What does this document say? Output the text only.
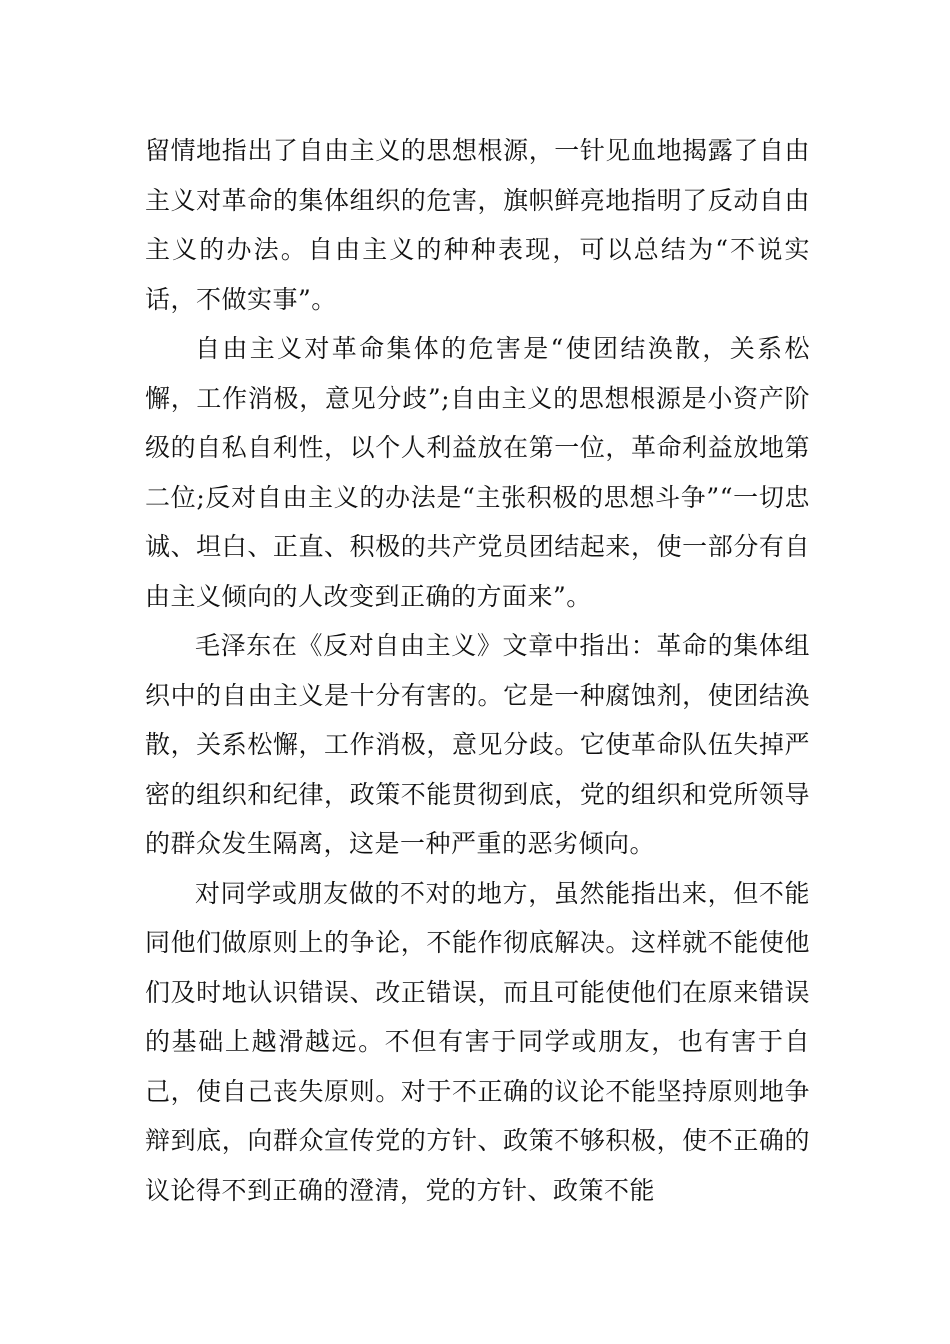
留情地指出了自由主义的思想根源，一针见血地揭露了自由主义对革命的集体组织的危害，旗帜鲜亮地指明了反动自由主义的办法。自由主义的种种表现，可以总结为“不说实话，不做实事”。

自由主义对革命集体的危害是“使团结涣散，关系松懈，工作消极，意见分歧”;自由主义的思想根源是小资产阶级的自私自利性，以个人利益放在第一位，革命利益放地第二位;反对自由主义的办法是“主张积极的思想斗争”“一切忠诚、坦白、正直、积极的共产党员团结起来，使一部分有自由主义倾向的人改变到正确的方面来”。

毛泽东在《反对自由主义》文章中指出：革命的集体组织中的自由主义是十分有害的。它是一种腐蚀剂，使团结涣散，关系松懈，工作消极，意见分歧。它使革命队伍失掉严密的组织和纪律，政策不能贯彻到底，党的组织和党所领导的群众发生隔离，这是一种严重的恶劣倾向。

对同学或朋友做的不对的地方，虽然能指出来，但不能同他们做原则上的争论，不能作彻底解决。这样就不能使他们及时地认识错误、改正错误，而且可能使他们在原来错误的基础上越滑越远。不但有害于同学或朋友，也有害于自己，使自己丧失原则。对于不正确的议论不能坚持原则地争辩到底，向群众宣传党的方针、政策不够积极，使不正确的议论得不到正确的澄清，党的方针、政策不能
